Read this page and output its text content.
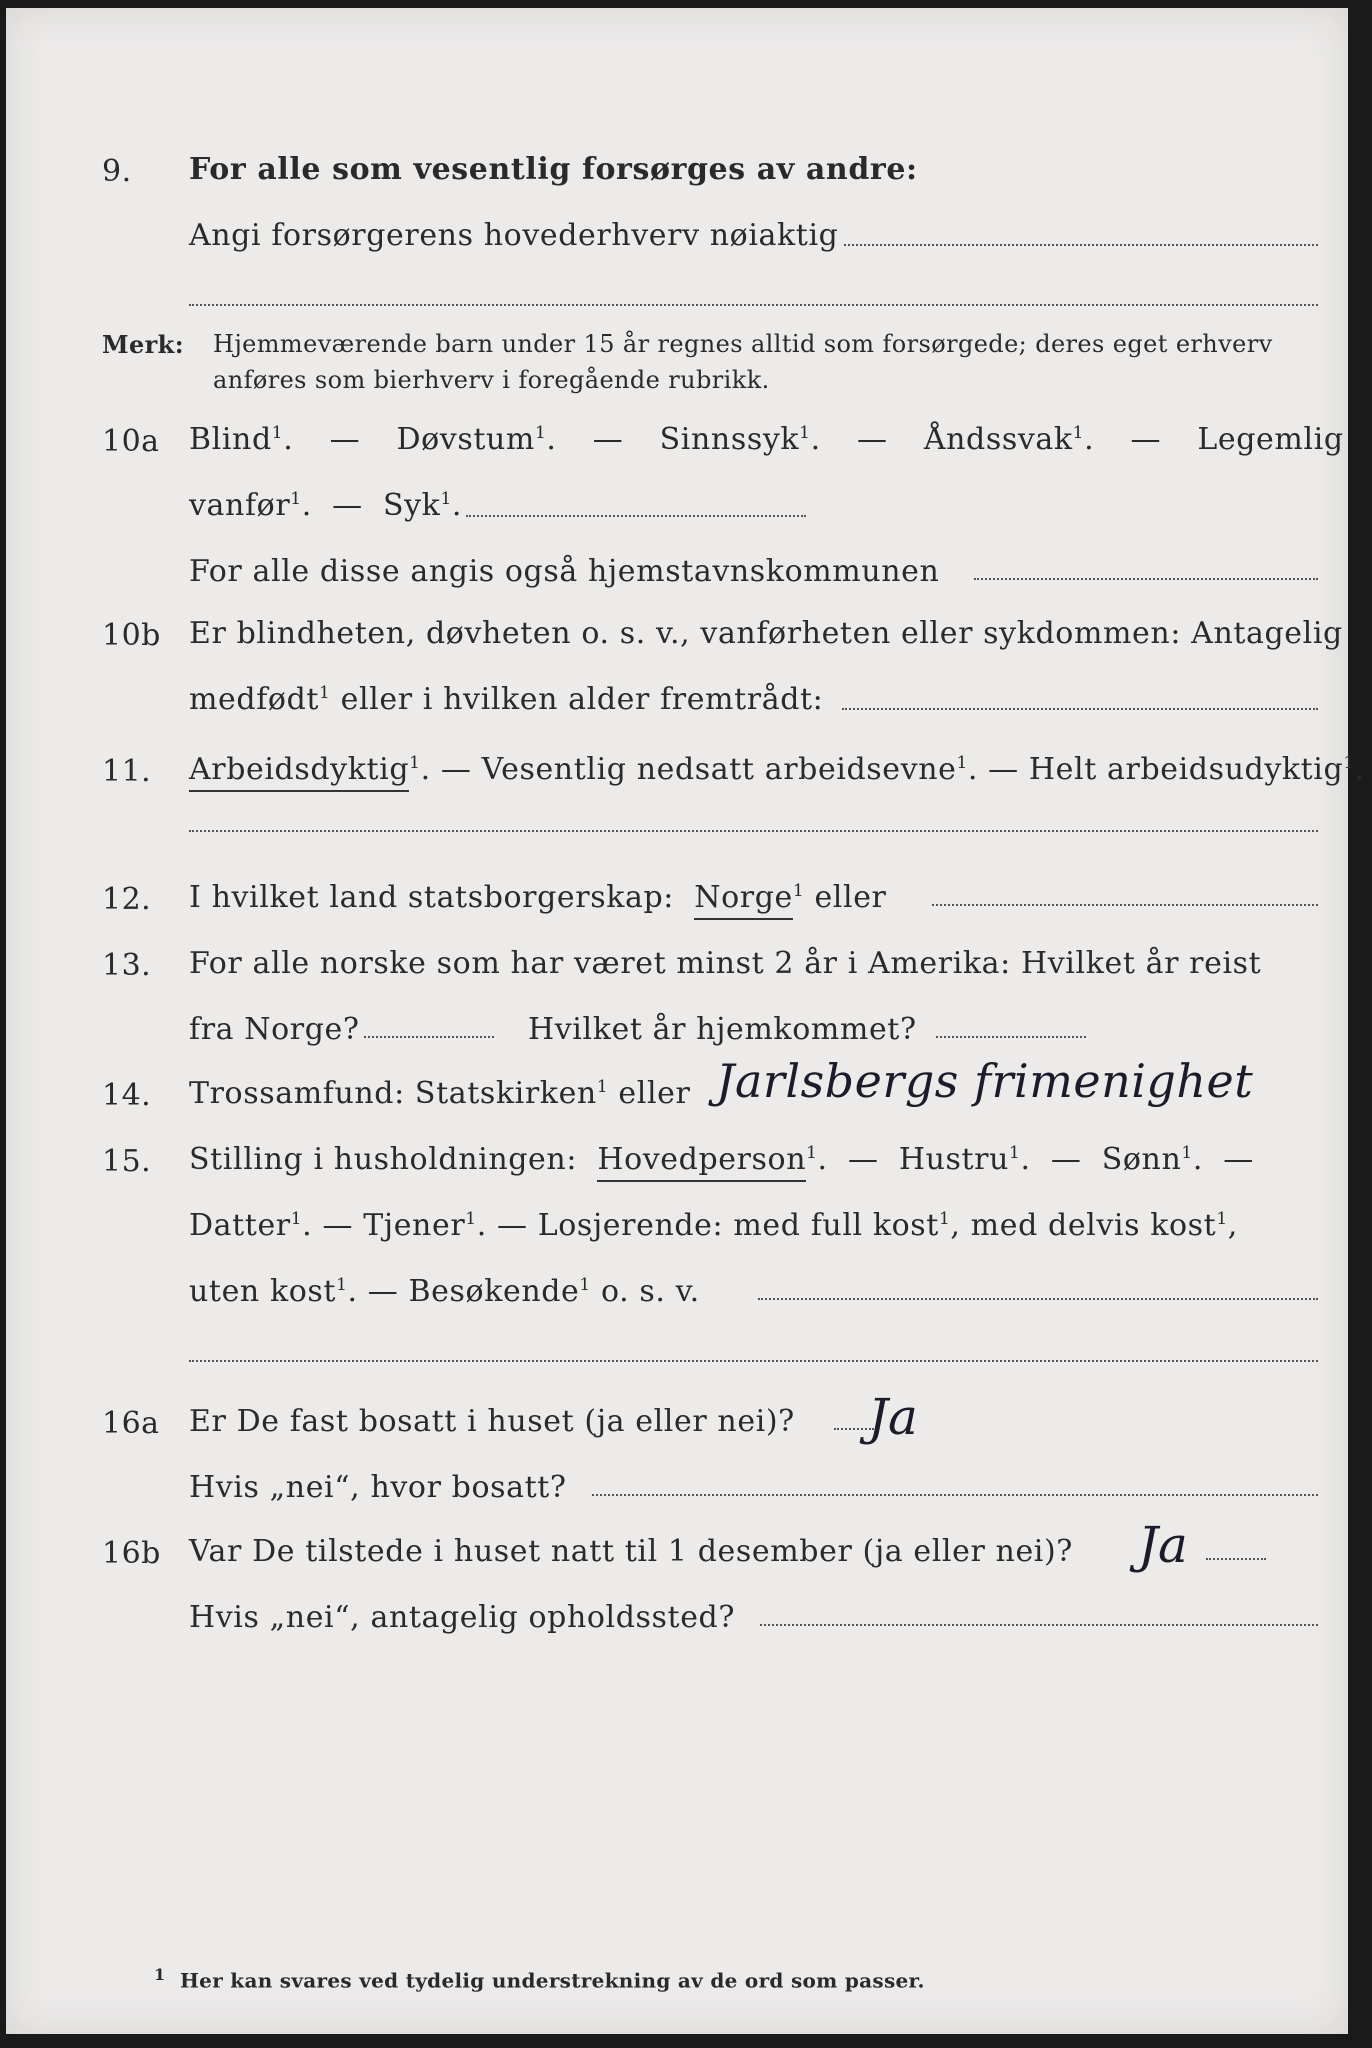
9. For alle som vesentlig forsørges av andre:
Angi forsørgerens hovederhverv nøiaktig
Merk: Hjemmeværende barn under 15 år regnes alltid som forsørgede; deres eget erhverv
anføres som bierhverv i foregående rubrikk.
10a Blind$^1$.  —  Døvstum$^1$.  —  Sinnssyk$^1$.  —  Åndssvak$^1$.  —  Legemlig
vanfør$^1$.  —  Syk$^1$.
For alle disse angis også hjemstavnskommunen
10b Er blindheten, døvheten o. s. v., vanførheten eller sykdommen: Antagelig
medfødt$^1$ eller i hvilken alder fremtrådt:
11. Arbeidsdyktig$^1$. — Vesentlig nedsatt arbeidsevne$^1$. — Helt arbeidsudyktig$^1$.
12. I hvilket land statsborgerskap: Norge$^1$ eller
13. For alle norske som har været minst 2 år i Amerika: Hvilket år reist
fra Norge?	Hvilket år hjemkommet?
14. Trossamfund: Statskirken$^1$ eller Jarlsbergs frimenighet
15. Stilling i husholdningen: Hovedperson$^1$.  —  Hustru$^1$.  —  Sønn$^1$.  —
Datter$^1$. — Tjener$^1$. — Losjerende: med full kost$^1$, med delvis kost$^1$,
uten kost$^1$. — Besøkende$^1$ o. s. v.
16a Er De fast bosatt i huset (ja eller nei)? Ja
Hvis „nei“, hvor bosatt?
16b Var De tilstede i huset natt til 1 desember (ja eller nei)? Ja
Hvis „nei“, antagelig opholdssted?
$^1$ Her kan svares ved tydelig understrekning av de ord som passer.
